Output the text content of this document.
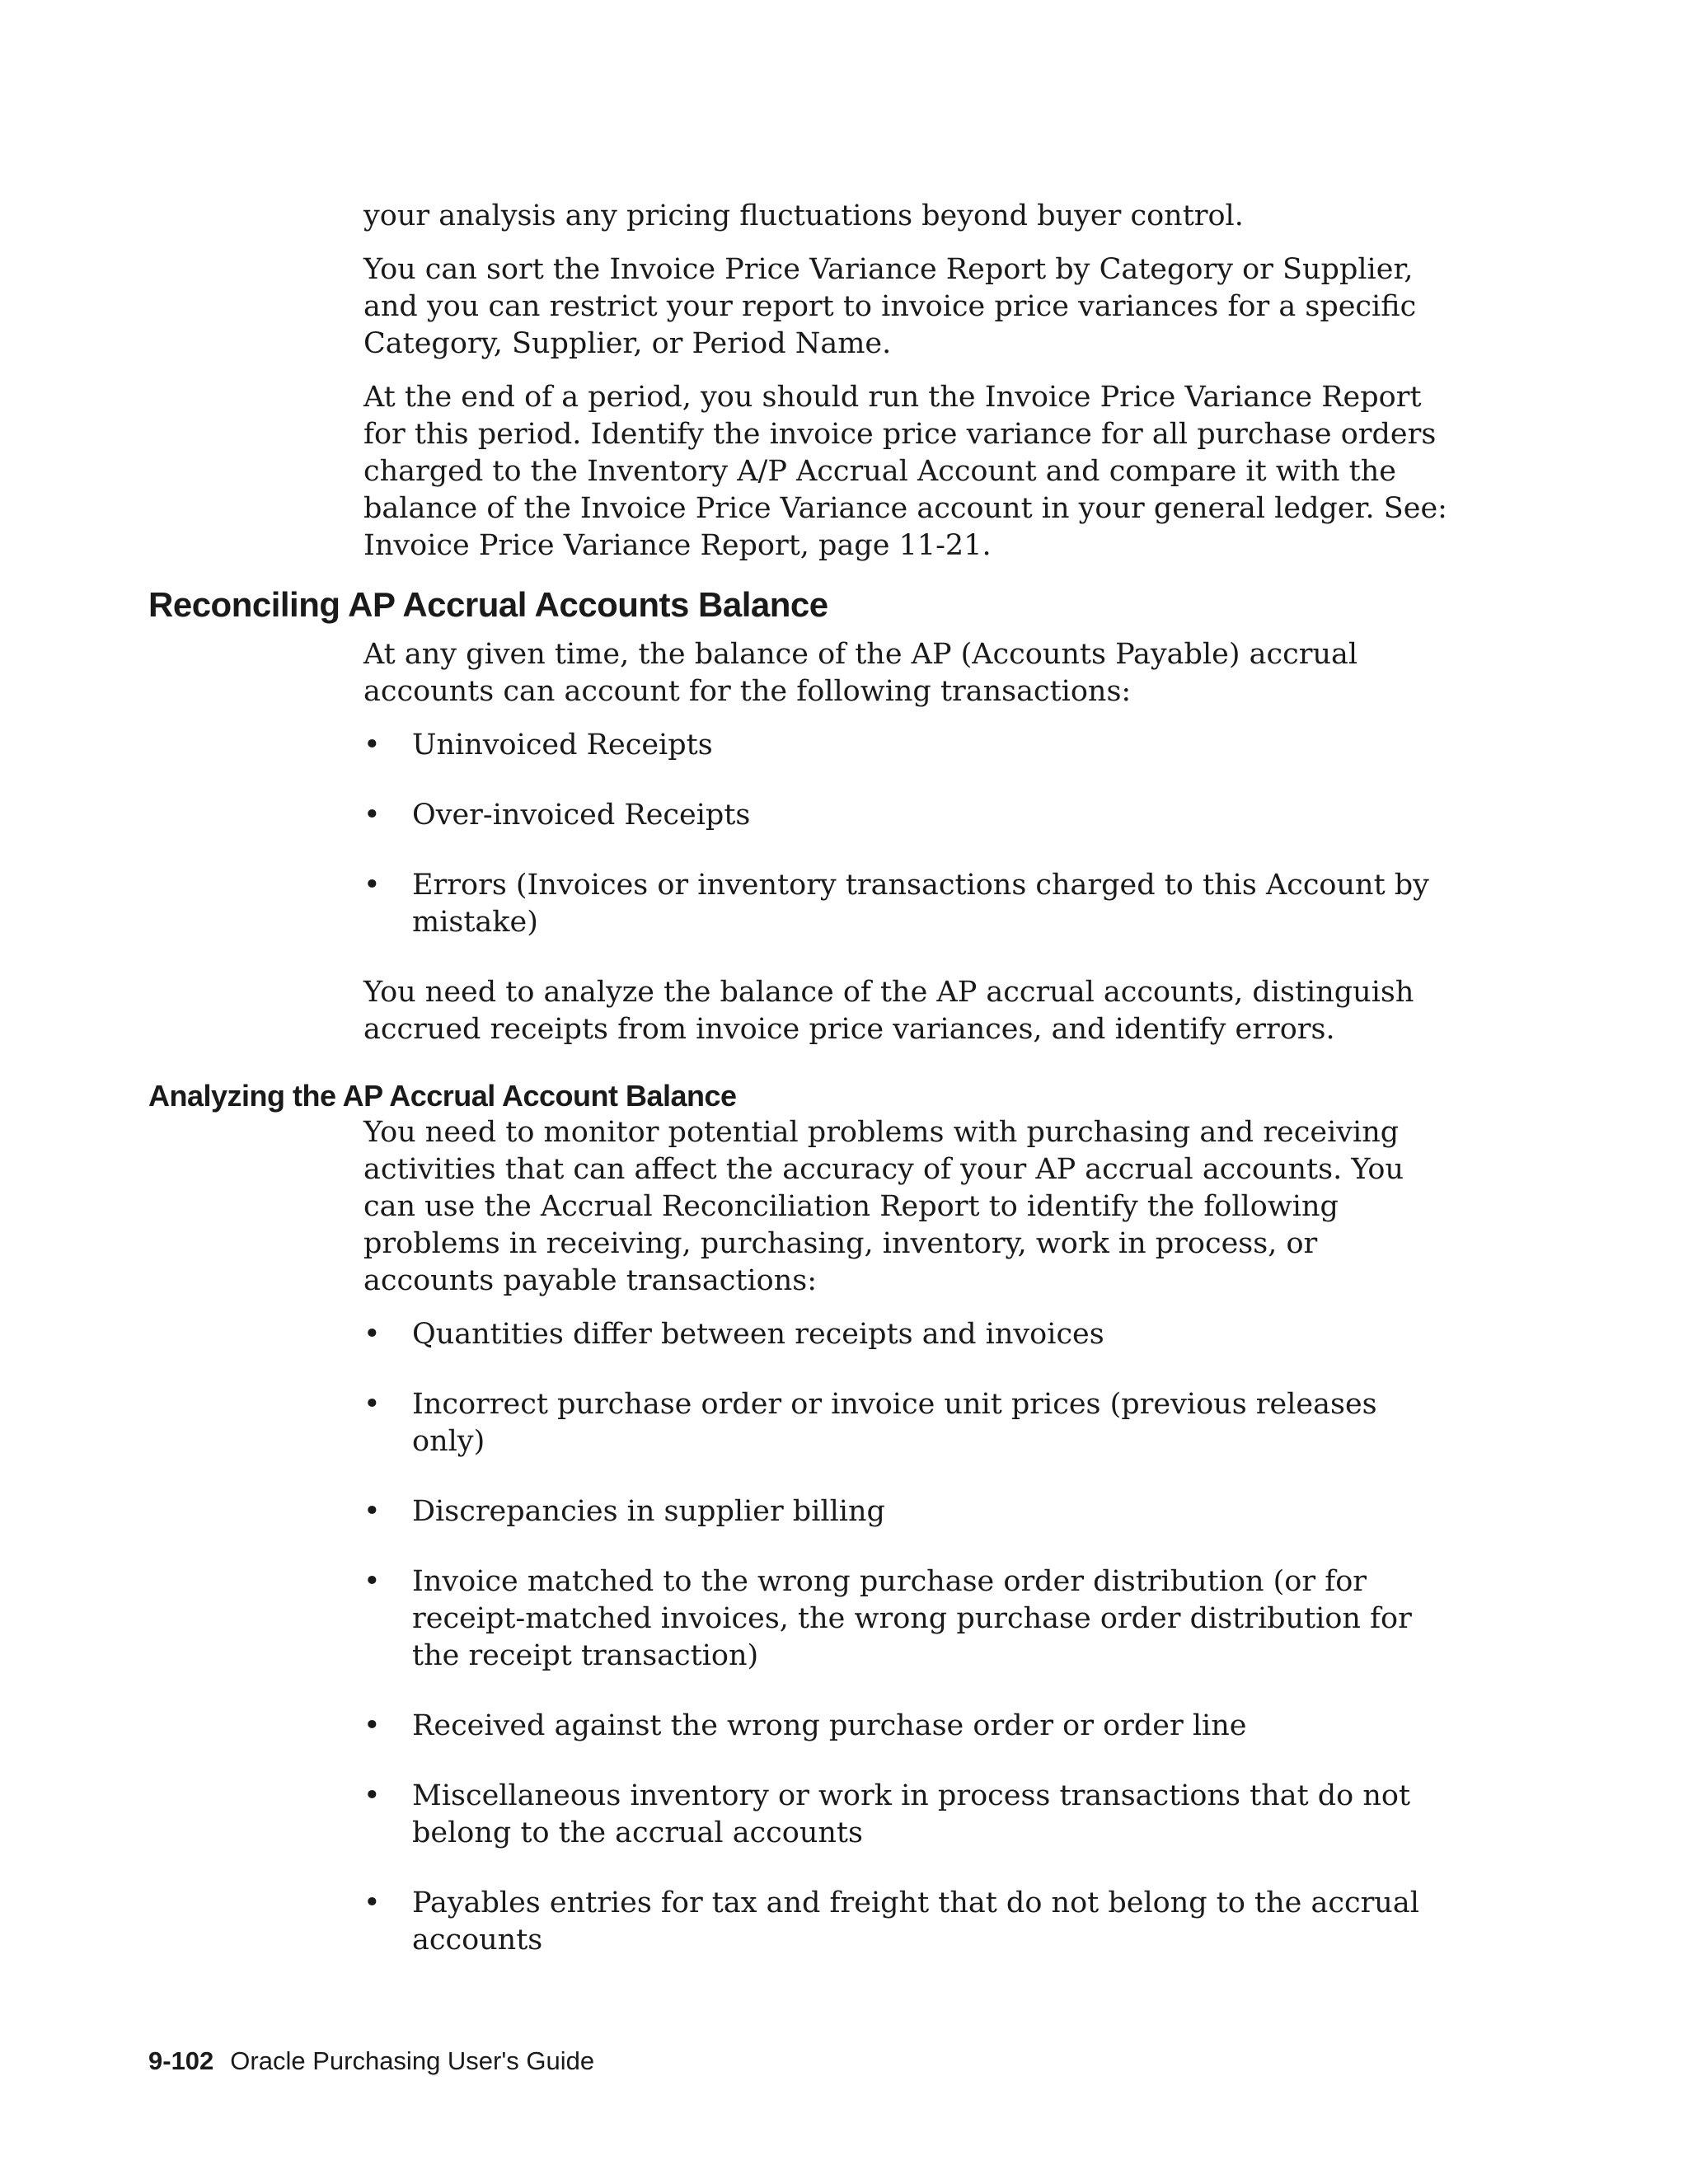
your analysis any pricing fluctuations beyond buyer control.

You can sort the Invoice Price Variance Report by Category or Supplier, and you can restrict your report to invoice price variances for a specific Category, Supplier, or Period Name.

At the end of a period, you should run the Invoice Price Variance Report for this period. Identify the invoice price variance for all purchase orders charged to the Inventory A/P Accrual Account and compare it with the balance of the Invoice Price Variance account in your general ledger. See: Invoice Price Variance Report, page 11-21.

Reconciling AP Accrual Accounts Balance

At any given time, the balance of the AP (Accounts Payable) accrual accounts can account for the following transactions:

• Uninvoiced Receipts
• Over-invoiced Receipts
• Errors (Invoices or inventory transactions charged to this Account by mistake)

You need to analyze the balance of the AP accrual accounts, distinguish accrued receipts from invoice price variances, and identify errors.

Analyzing the AP Accrual Account Balance

You need to monitor potential problems with purchasing and receiving activities that can affect the accuracy of your AP accrual accounts. You can use the Accrual Reconciliation Report to identify the following problems in receiving, purchasing, inventory, work in process, or accounts payable transactions:

• Quantities differ between receipts and invoices
• Incorrect purchase order or invoice unit prices (previous releases only)
• Discrepancies in supplier billing
• Invoice matched to the wrong purchase order distribution (or for receipt-matched invoices, the wrong purchase order distribution for the receipt transaction)
• Received against the wrong purchase order or order line
• Miscellaneous inventory or work in process transactions that do not belong to the accrual accounts
• Payables entries for tax and freight that do not belong to the accrual accounts
9-102 Oracle Purchasing User's Guide
